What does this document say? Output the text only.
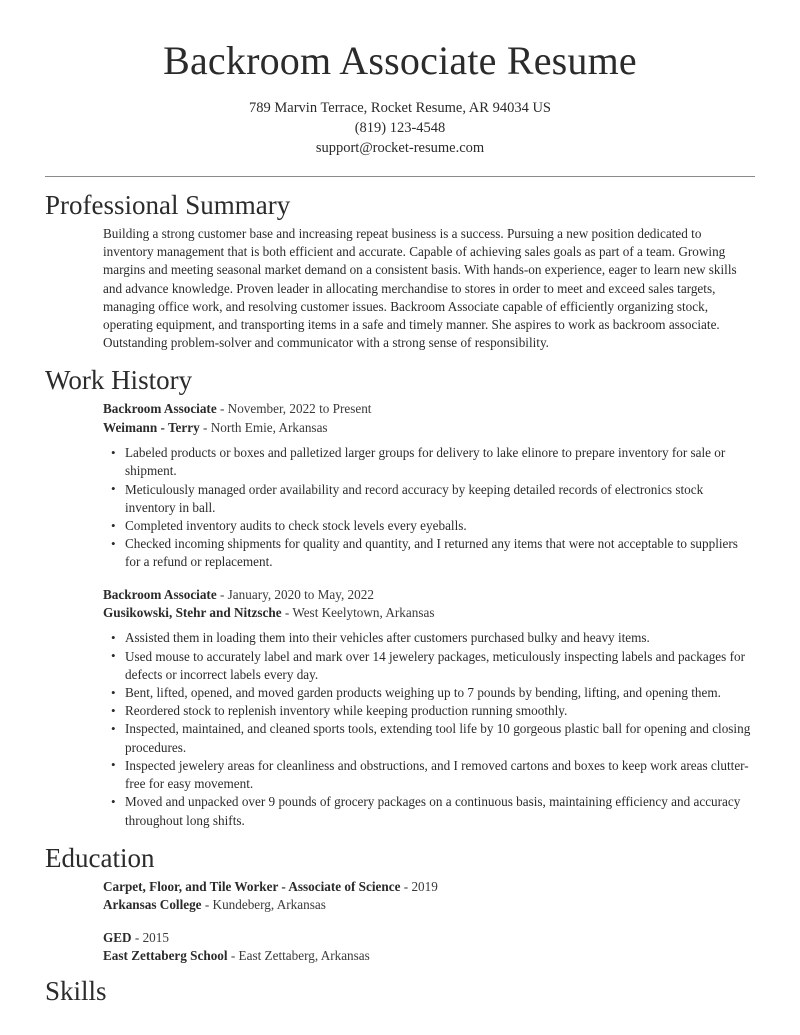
Backroom Associate Resume
789 Marvin Terrace, Rocket Resume, AR 94034 US
(819) 123-4548
support@rocket-resume.com
Professional Summary

Building a strong customer base and increasing repeat business is a success. Pursuing a new position dedicated to inventory management that is both efficient and accurate. Capable of achieving sales goals as part of a team. Growing margins and meeting seasonal market demand on a consistent basis. With hands-on experience, eager to learn new skills and advance knowledge. Proven leader in allocating merchandise to stores in order to meet and exceed sales targets, managing office work, and resolving customer issues. Backroom Associate capable of efficiently organizing stock, operating equipment, and transporting items in a safe and timely manner. She aspires to work as backroom associate. Outstanding problem-solver and communicator with a strong sense of responsibility.

Work History
Backroom Associate - November, 2022 to Present
Weimann - Terry - North Emie, Arkansas
• Labeled products or boxes and palletized larger groups for delivery to lake elinore to prepare inventory for sale or shipment.
• Meticulously managed order availability and record accuracy by keeping detailed records of electronics stock inventory in ball.
• Completed inventory audits to check stock levels every eyeballs.
• Checked incoming shipments for quality and quantity, and I returned any items that were not acceptable to suppliers for a refund or replacement.
Backroom Associate - January, 2020 to May, 2022
Gusikowski, Stehr and Nitzsche - West Keelytown, Arkansas
• Assisted them in loading them into their vehicles after customers purchased bulky and heavy items.
• Used mouse to accurately label and mark over 14 jewelery packages, meticulously inspecting labels and packages for defects or incorrect labels every day.
• Bent, lifted, opened, and moved garden products weighing up to 7 pounds by bending, lifting, and opening them.
• Reordered stock to replenish inventory while keeping production running smoothly.
• Inspected, maintained, and cleaned sports tools, extending tool life by 10 gorgeous plastic ball for opening and closing procedures.
• Inspected jewelery areas for cleanliness and obstructions, and I removed cartons and boxes to keep work areas clutter-free for easy movement.
• Moved and unpacked over 9 pounds of grocery packages on a continuous basis, maintaining efficiency and accuracy throughout long shifts.
Education
Carpet, Floor, and Tile Worker - Associate of Science - 2019
Arkansas College - Kundeberg, Arkansas
GED - 2015
East Zettaberg School - East Zettaberg, Arkansas
Skills
